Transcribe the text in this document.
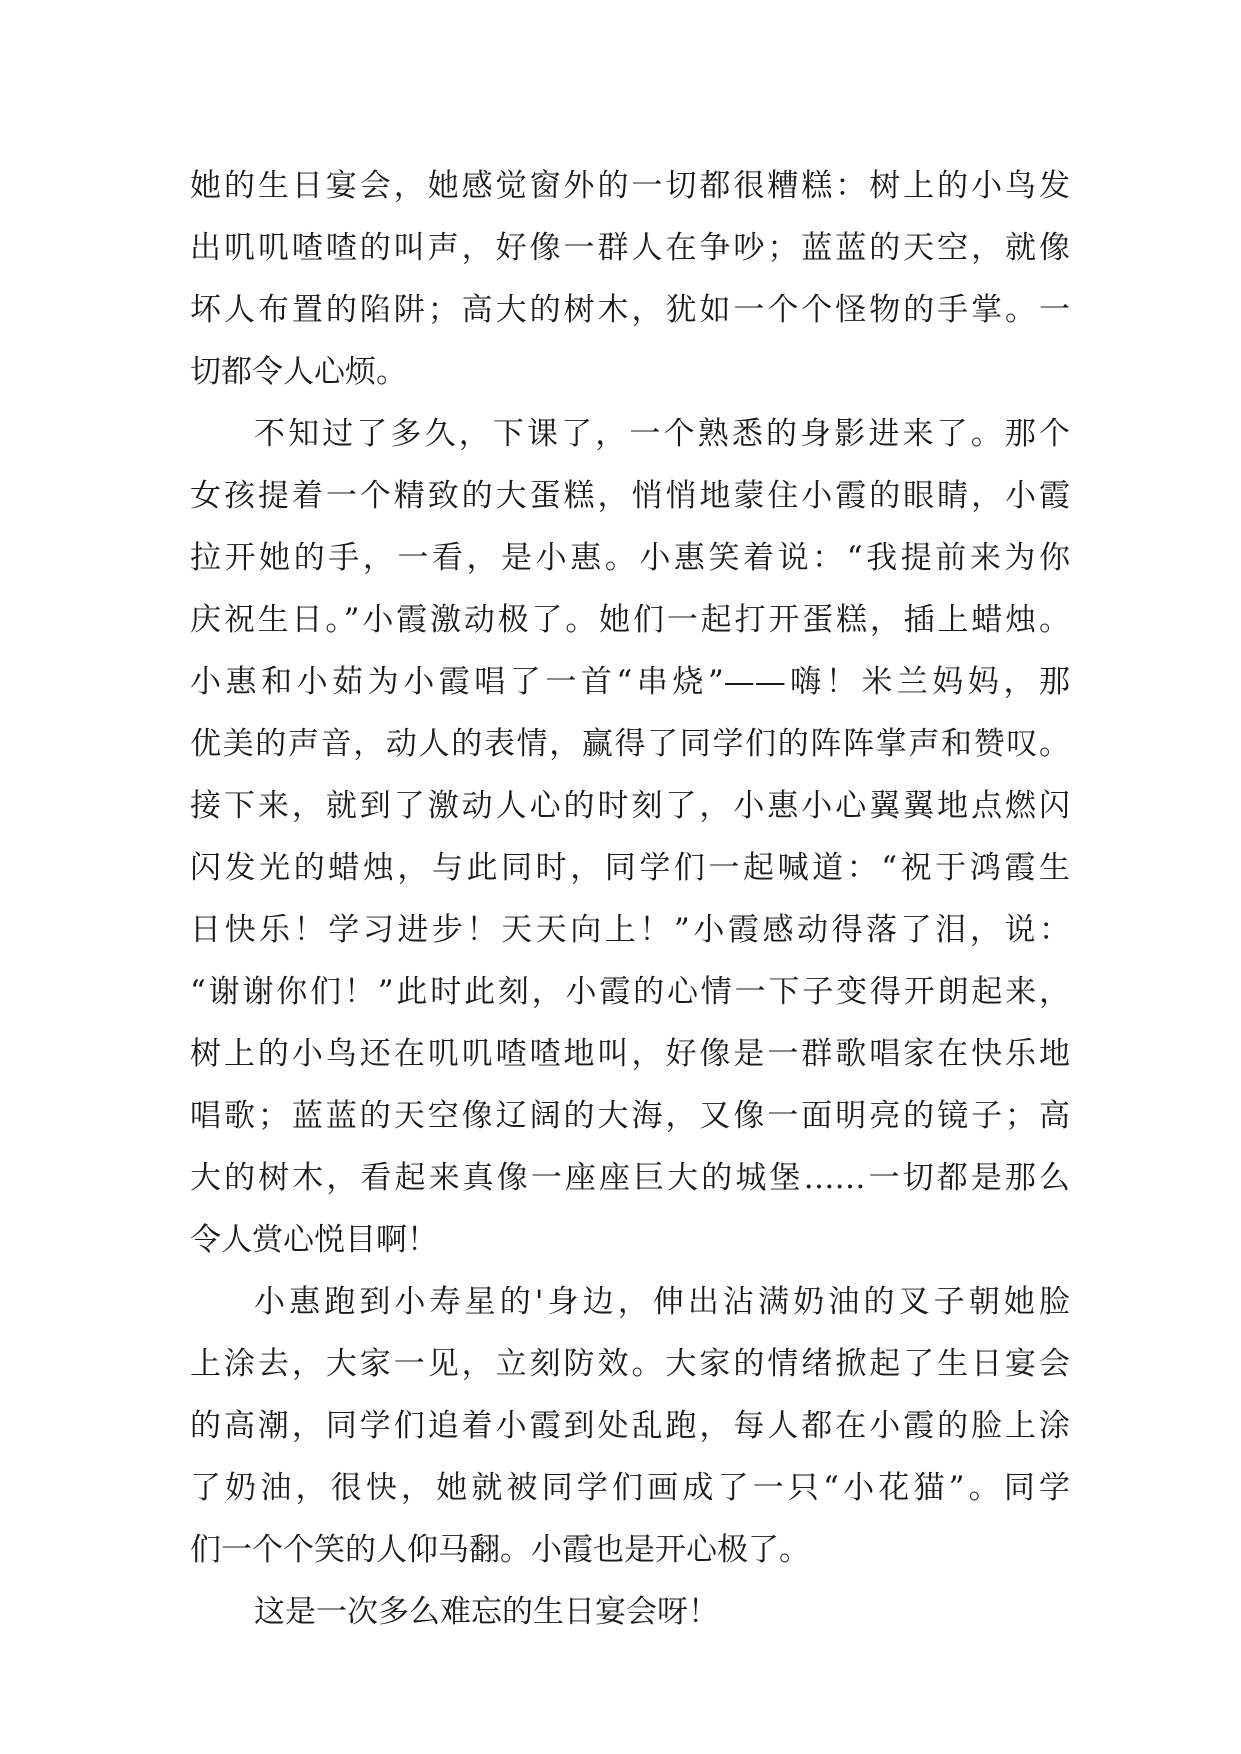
她的生日宴会，她感觉窗外的一切都很糟糕：树上的小鸟发
出叽叽喳喳的叫声，好像一群人在争吵；蓝蓝的天空，就像
坏人布置的陷阱；高大的树木，犹如一个个怪物的手掌。一
切都令人心烦。
不知过了多久，下课了，一个熟悉的身影进来了。那个
女孩提着一个精致的大蛋糕，悄悄地蒙住小霞的眼睛，小霞
拉开她的手，一看，是小惠。小惠笑着说：“我提前来为你
庆祝生日。”小霞激动极了。她们一起打开蛋糕，插上蜡烛。
小惠和小茹为小霞唱了一首“串烧”——嗨！米兰妈妈，那
优美的声音，动人的表情，赢得了同学们的阵阵掌声和赞叹。
接下来，就到了激动人心的时刻了，小惠小心翼翼地点燃闪
闪发光的蜡烛，与此同时，同学们一起喊道：“祝于鸿霞生
日快乐！学习进步！天天向上！”小霞感动得落了泪，说：
“谢谢你们！”此时此刻，小霞的心情一下子变得开朗起来，
树上的小鸟还在叽叽喳喳地叫，好像是一群歌唱家在快乐地
唱歌；蓝蓝的天空像辽阔的大海，又像一面明亮的镜子；高
大的树木，看起来真像一座座巨大的城堡……一切都是那么
令人赏心悦目啊！
小惠跑到小寿星的'身边，伸出沾满奶油的叉子朝她脸
上涂去，大家一见，立刻防效。大家的情绪掀起了生日宴会
的高潮，同学们追着小霞到处乱跑，每人都在小霞的脸上涂
了奶油，很快，她就被同学们画成了一只“小花猫”。同学
们一个个笑的人仰马翻。小霞也是开心极了。
这是一次多么难忘的生日宴会呀！
